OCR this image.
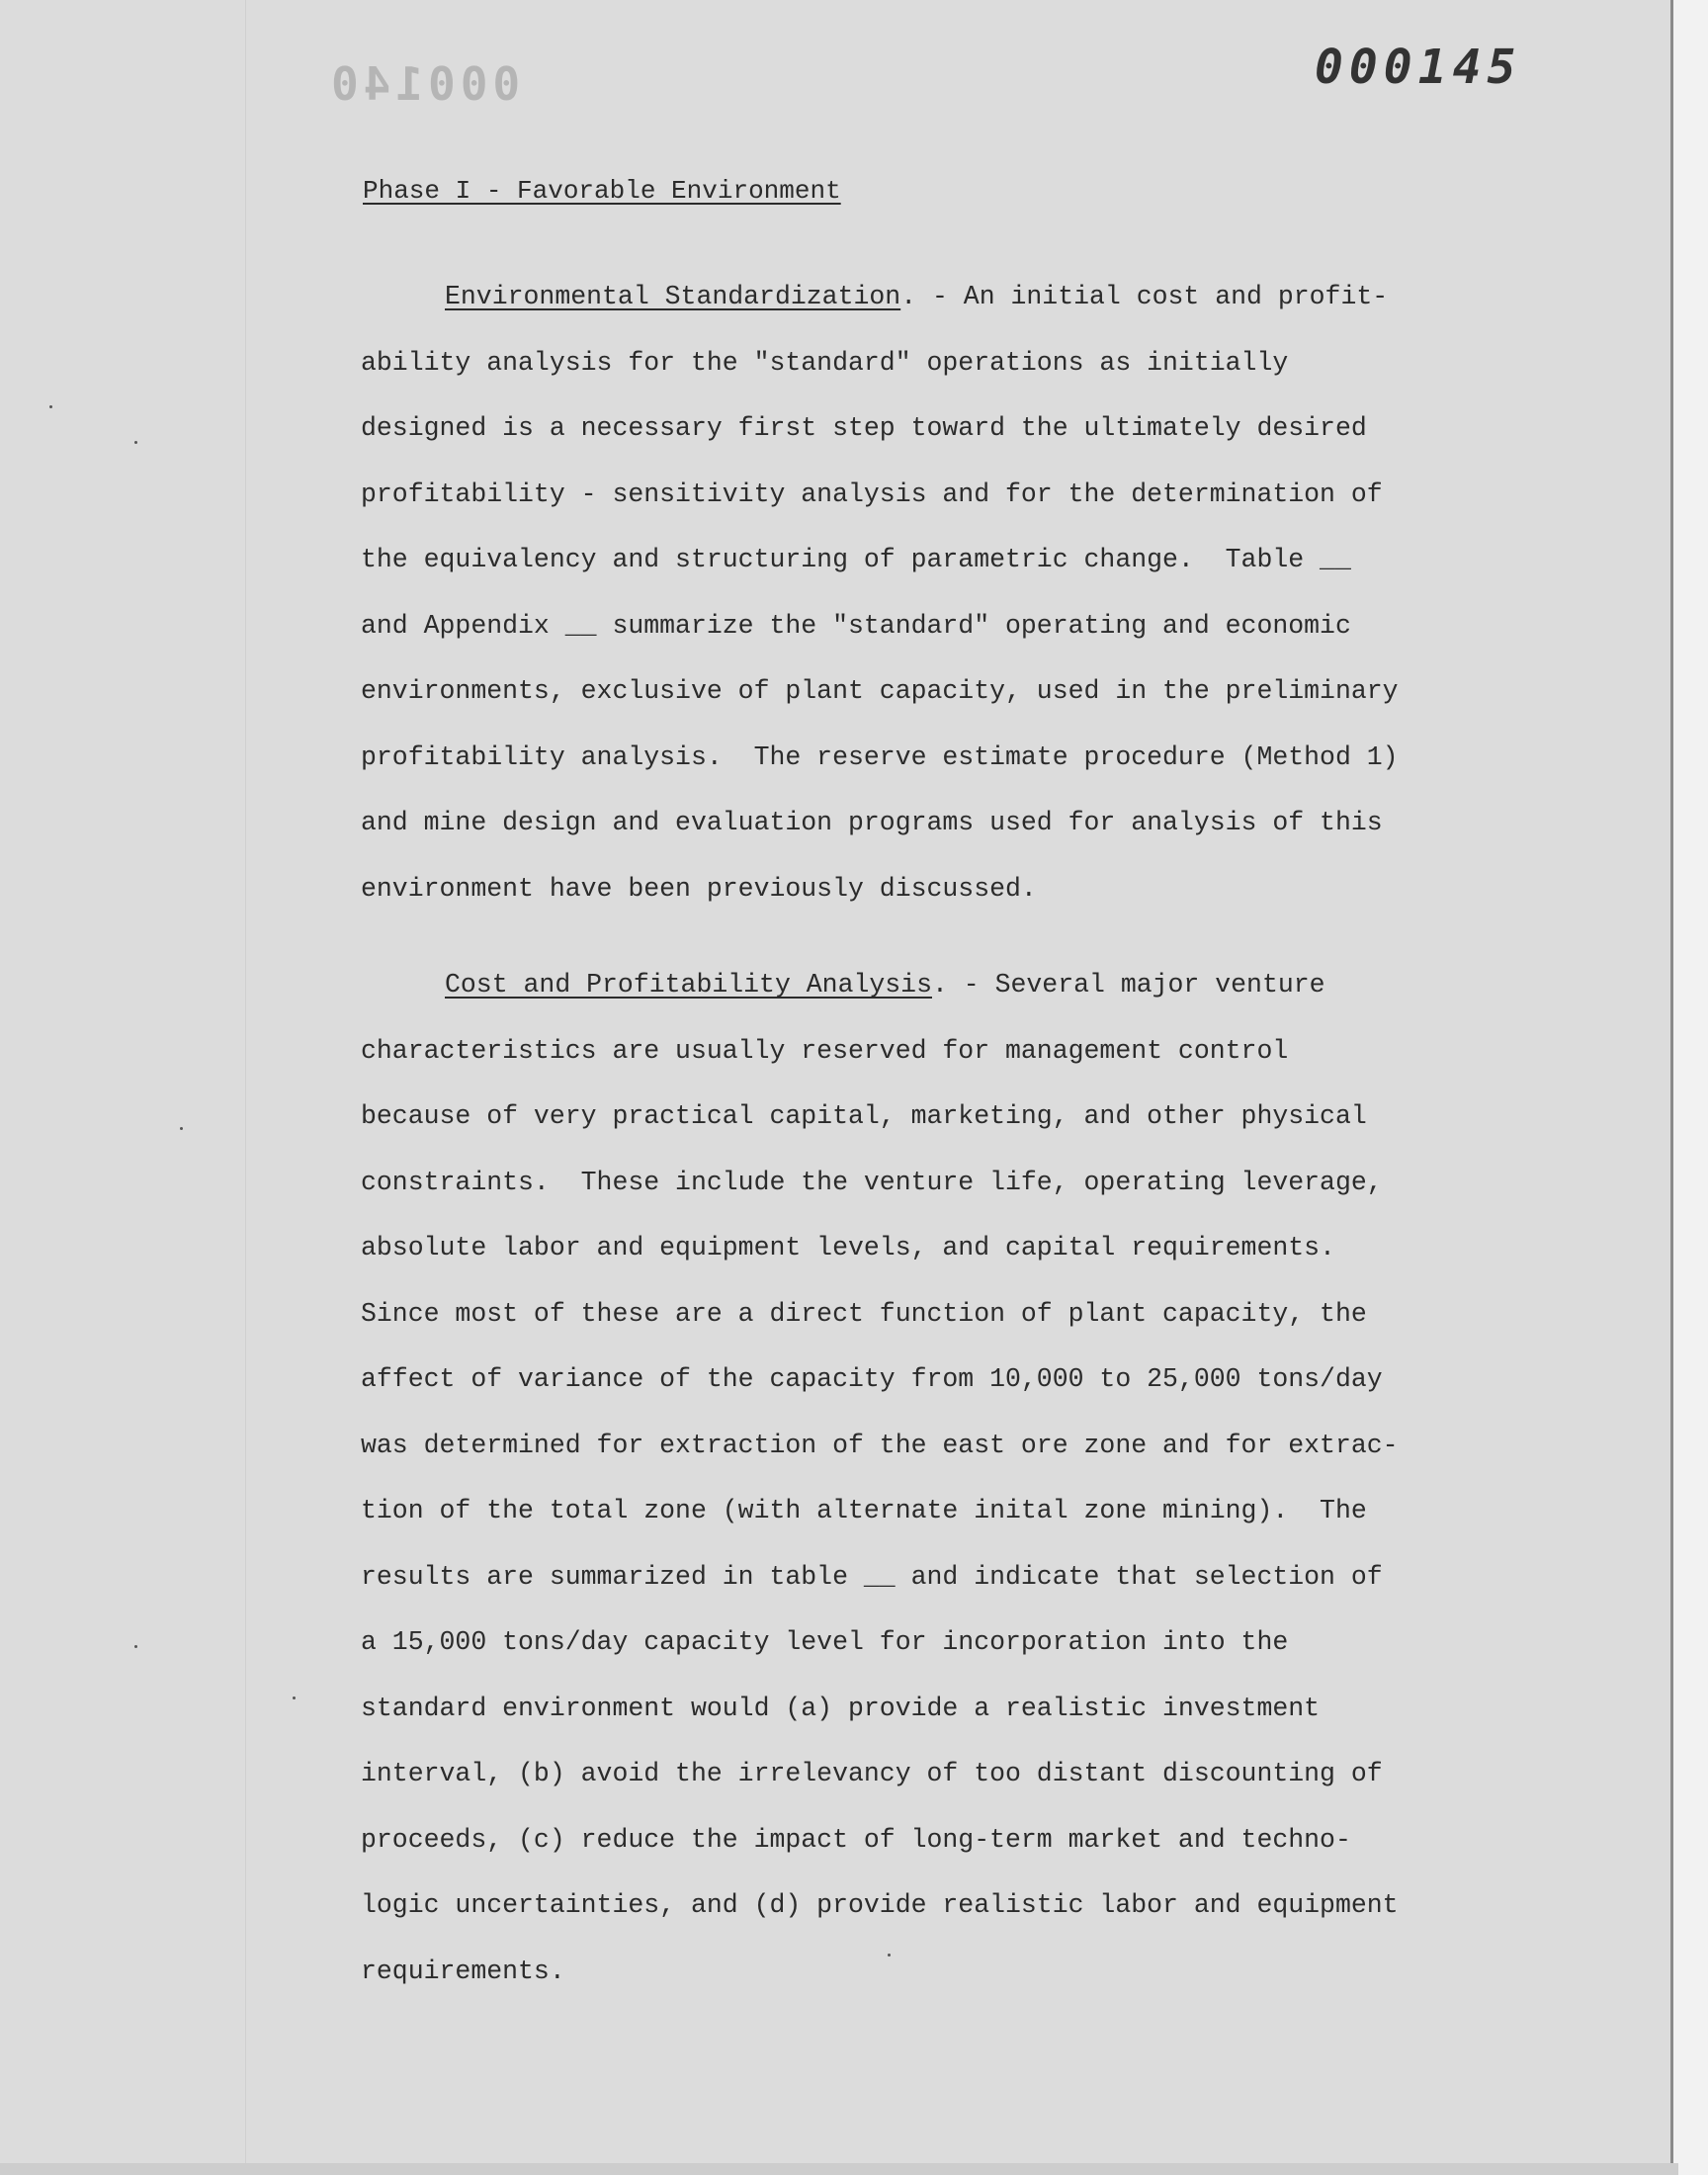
000140	000145
Phase I - Favorable Environment
Environmental Standardization. - An initial cost and profit-
ability analysis for the "standard" operations as initially
designed is a necessary first step toward the ultimately desired
profitability - sensitivity analysis and for the determination of
the equivalency and structuring of parametric change.  Table __
and Appendix __ summarize the "standard" operating and economic
environments, exclusive of plant capacity, used in the preliminary
profitability analysis.  The reserve estimate procedure (Method 1)
and mine design and evaluation programs used for analysis of this
environment have been previously discussed.
Cost and Profitability Analysis. - Several major venture
characteristics are usually reserved for management control
because of very practical capital, marketing, and other physical
constraints.  These include the venture life, operating leverage,
absolute labor and equipment levels, and capital requirements.
Since most of these are a direct function of plant capacity, the
affect of variance of the capacity from 10,000 to 25,000 tons/day
was determined for extraction of the east ore zone and for extrac-
tion of the total zone (with alternate inital zone mining).  The
results are summarized in table __ and indicate that selection of
a 15,000 tons/day capacity level for incorporation into the
standard environment would (a) provide a realistic investment
interval, (b) avoid the irrelevancy of too distant discounting of
proceeds, (c) reduce the impact of long-term market and techno-
logic uncertainties, and (d) provide realistic labor and equipment
requirements.
